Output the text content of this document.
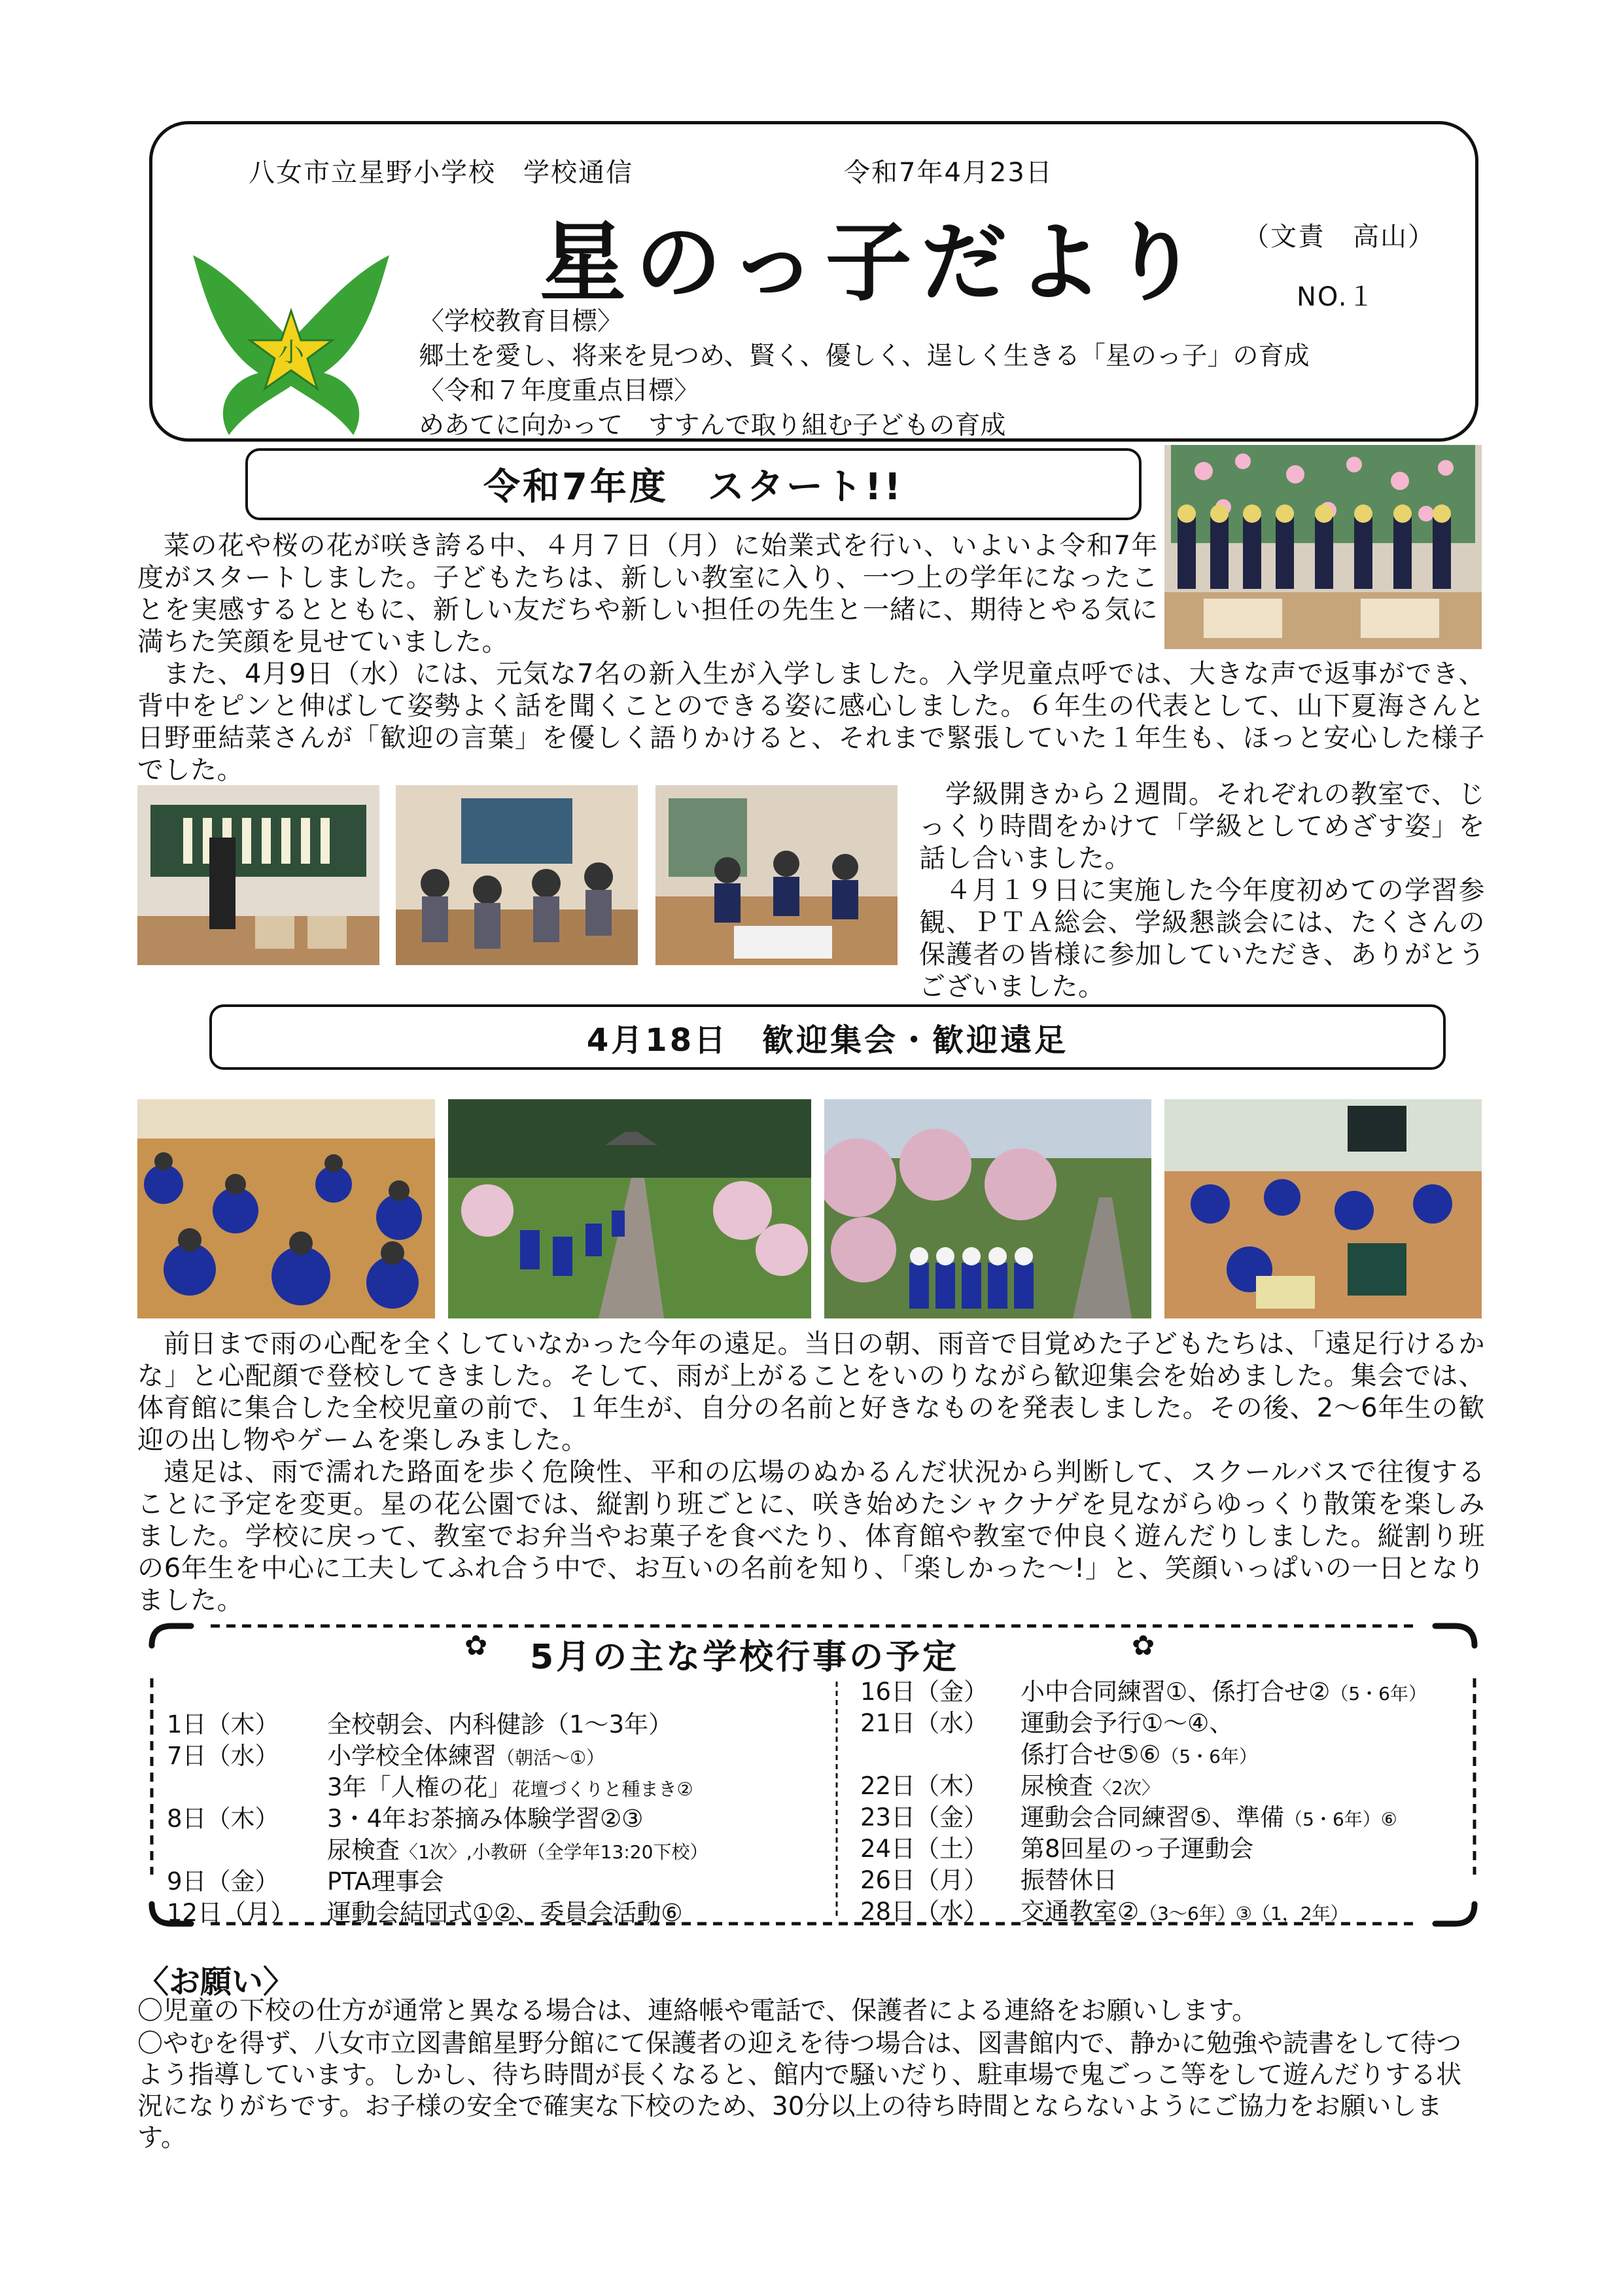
八女市立星野小学校　学校通信	令和7年4月23日
星のっ子だより （文責　高山）
NO.１
小
〈学校教育目標〉
郷土を愛し、将来を見つめ、賢く、優しく、逞しく生きる「星のっ子」の育成
〈令和７年度重点目標〉
めあてに向かって　すすんで取り組む子どもの育成
令和7年度　スタート!!

菜の花や桜の花が咲き誇る中、４月７日（月）に始業式を行い、いよいよ令和7年度がスタートしました。子どもたちは、新しい教室に入り、一つ上の学年になったことを実感するとともに、新しい友だちや新しい担任の先生と一緒に、期待とやる気に満ちた笑顔を見せていました。

また、4月9日（水）には、元気な7名の新入生が入学しました。入学児童点呼では、大きな声で返事ができ、背中をピンと伸ばして姿勢よく話を聞くことのできる姿に感心しました。６年生の代表として、山下夏海さんと日野亜結菜さんが「歓迎の言葉」を優しく語りかけると、それまで緊張していた１年生も、ほっと安心した様子でした。

学級開きから２週間。それぞれの教室で、じっくり時間をかけて「学級としてめざす姿」を話し合いました。

４月１９日に実施した今年度初めての学習参観、ＰＴＡ総会、学級懇談会には、たくさんの保護者の皆様に参加していただき、ありがとうございました。

4月18日　歓迎集会・歓迎遠足

前日まで雨の心配を全くしていなかった今年の遠足。当日の朝、雨音で目覚めた子どもたちは、「遠足行けるかな」と心配顔で登校してきました。そして、雨が上がることをいのりながら歓迎集会を始めました。集会では、体育館に集合した全校児童の前で、１年生が、自分の名前と好きなものを発表しました。その後、2～6年生の歓迎の出し物やゲームを楽しみました。

遠足は、雨で濡れた路面を歩く危険性、平和の広場のぬかるんだ状況から判断して、スクールバスで往復することに予定を変更。星の花公園では、縦割り班ごとに、咲き始めたシャクナゲを見ながらゆっくり散策を楽しみました。学校に戻って、教室でお弁当やお菓子を食べたり、体育館や教室で仲良く遊んだりしました。縦割り班の6年生を中心に工夫してふれ合う中で、お互いの名前を知り、「楽しかった～!」と、笑顔いっぱいの一日となりました。

✿ 5月の主な学校行事の予定	✿
1日（木） 全校朝会、内科健診（1～3年）
7日（水） 小学校全体練習（朝活～①）
3年「人権の花」花壇づくりと種まき②
8日（木） 3・4年お茶摘み体験学習②③
尿検査〈1次〉,小教研（全学年13:20下校）
9日（金） PTA理事会
12日（月） 運動会結団式①②、委員会活動⑥
16日（金） 小中合同練習①、係打合せ②（5・6年）
21日（水） 運動会予行①～④、
係打合せ⑤⑥（5・6年）
22日（木） 尿検査〈2次〉
23日（金） 運動会合同練習⑤、準備（5・6年）⑥
24日（土） 第8回星のっ子運動会
26日（月） 振替休日
28日（水） 交通教室②（3～6年）③（1，2年）
〈お願い〉
〇児童の下校の仕方が通常と異なる場合は、連絡帳や電話で、保護者による連絡をお願いします。
〇やむを得ず、八女市立図書館星野分館にて保護者の迎えを待つ場合は、図書館内で、静かに勉強や読書をして待つよう指導しています。しかし、待ち時間が長くなると、館内で騒いだり、駐車場で鬼ごっこ等をして遊んだりする状況になりがちです。お子様の安全で確実な下校のため、30分以上の待ち時間とならないようにご協力をお願いします。
